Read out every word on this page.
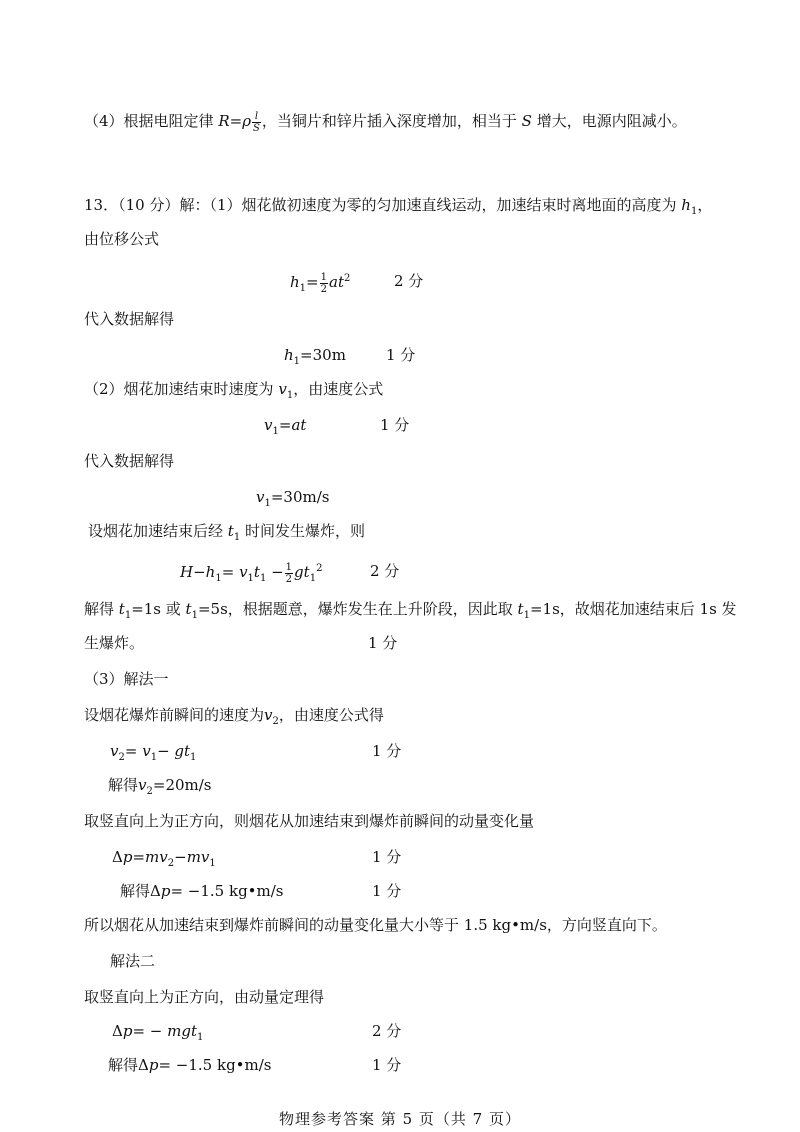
（4）根据电阻定律 $R=\rho \frac{l}{S}$ ，当铜片和锌片插入深度增加，相当于 S 增大，电源内阻减小。
13．（10 分）解：（1）烟花做初速度为零的匀加速直线运动，加速结束时离地面的高度为 $h_1$，
由位移公式
$h_1= \frac{1}{2} at^2$	2 分
代入数据解得
$h_1=30m$	1 分
（2）烟花加速结束时速度为 $v_1$，由速度公式
$v_1=at$	1 分
代入数据解得
$v_1=30m/s$
设烟花加速结束后经 $t_1$ 时间发生爆炸，则
$H-h_1= v_1t_1 - \frac{1}{2} gt_1^2$	2 分
解得 $t_1=1s$ 或 $t_1=5s$，根据题意，爆炸发生在上升阶段，因此取 $t_1=1s$，故烟花加速结束后 1s 发
生爆炸。	1 分
（3）解法一
设烟花爆炸前瞬间的速度为$v_2$，由速度公式得
$v_2= v_1- gt_1$	1 分
解得$v_2=20m/s$
取竖直向上为正方向，则烟花从加速结束到爆炸前瞬间的动量变化量
$\Delta p=mv_2-mv_1$	1 分
解得Δp= −1.5 kg•m/s	1 分
所以烟花从加速结束到爆炸前瞬间的动量变化量大小等于 1.5 kg•m/s，方向竖直向下。
解法二
取竖直向上为正方向，由动量定理得
Δp= − mgt$_1$	2 分
解得Δp= −1.5 kg•m/s	1 分
物理参考答案 第 5 页（共 7 页）
